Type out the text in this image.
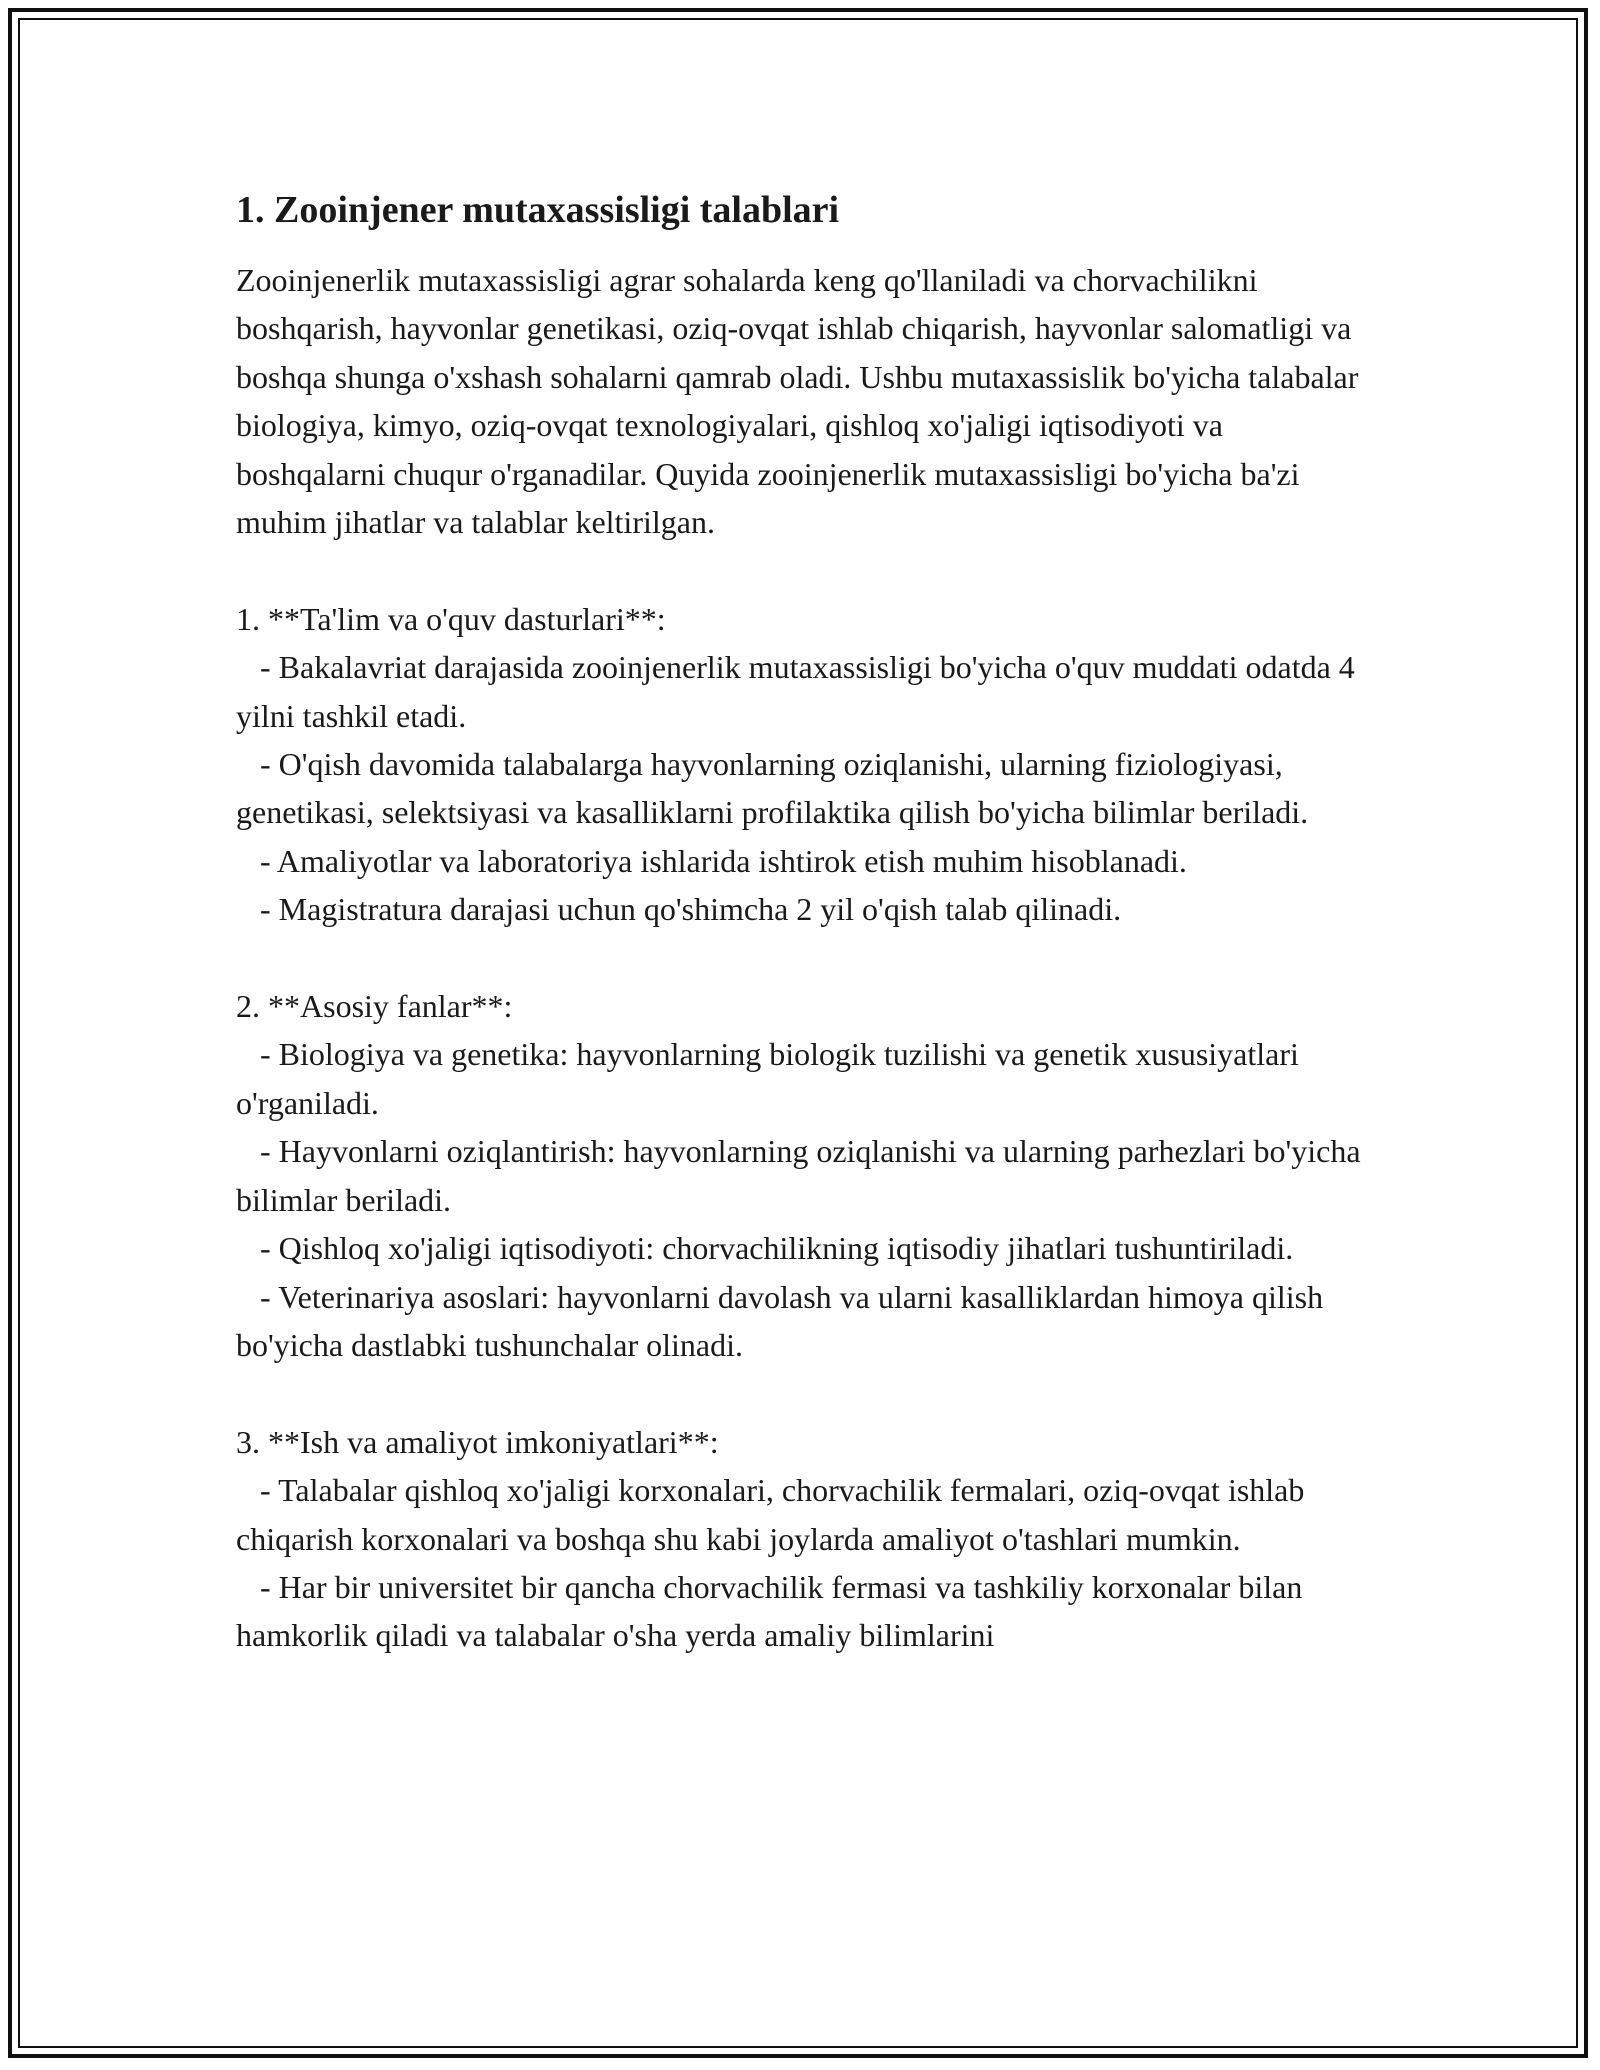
1. Zooinjener mutaxassisligi talablari

Zooinjenerlik mutaxassisligi agrar sohalarda keng qo'llaniladi va chorvachilikni boshqarish, hayvonlar genetikasi, oziq-ovqat ishlab chiqarish, hayvonlar salomatligi va boshqa shunga o'xshash sohalarni qamrab oladi. Ushbu mutaxassislik bo'yicha talabalar biologiya, kimyo, oziq-ovqat texnologiyalari, qishloq xo'jaligi iqtisodiyoti va boshqalarni chuqur o'rganadilar. Quyida zooinjenerlik mutaxassisligi bo'yicha ba'zi muhim jihatlar va talablar keltirilgan.

1. **Ta'lim va o'quv dasturlari**:

- Bakalavriat darajasida zooinjenerlik mutaxassisligi bo'yicha o'quv muddati odatda 4 yilni tashkil etadi.

- O'qish davomida talabalarga hayvonlarning oziqlanishi, ularning fiziologiyasi, genetikasi, selektsiyasi va kasalliklarni profilaktika qilish bo'yicha bilimlar beriladi.

- Amaliyotlar va laboratoriya ishlarida ishtirok etish muhim hisoblanadi.

- Magistratura darajasi uchun qo'shimcha 2 yil o'qish talab qilinadi.

2. **Asosiy fanlar**:

- Biologiya va genetika: hayvonlarning biologik tuzilishi va genetik xususiyatlari o'rganiladi.

- Hayvonlarni oziqlantirish: hayvonlarning oziqlanishi va ularning parhezlari bo'yicha bilimlar beriladi.

- Qishloq xo'jaligi iqtisodiyoti: chorvachilikning iqtisodiy jihatlari tushuntiriladi.

- Veterinariya asoslari: hayvonlarni davolash va ularni kasalliklardan himoya qilish bo'yicha dastlabki tushunchalar olinadi.

3. **Ish va amaliyot imkoniyatlari**:

- Talabalar qishloq xo'jaligi korxonalari, chorvachilik fermalari, oziq-ovqat ishlab chiqarish korxonalari va boshqa shu kabi joylarda amaliyot o'tashlari mumkin.

- Har bir universitet bir qancha chorvachilik fermasi va tashkiliy korxonalar bilan hamkorlik qiladi va talabalar o'sha yerda amaliy bilimlarini
